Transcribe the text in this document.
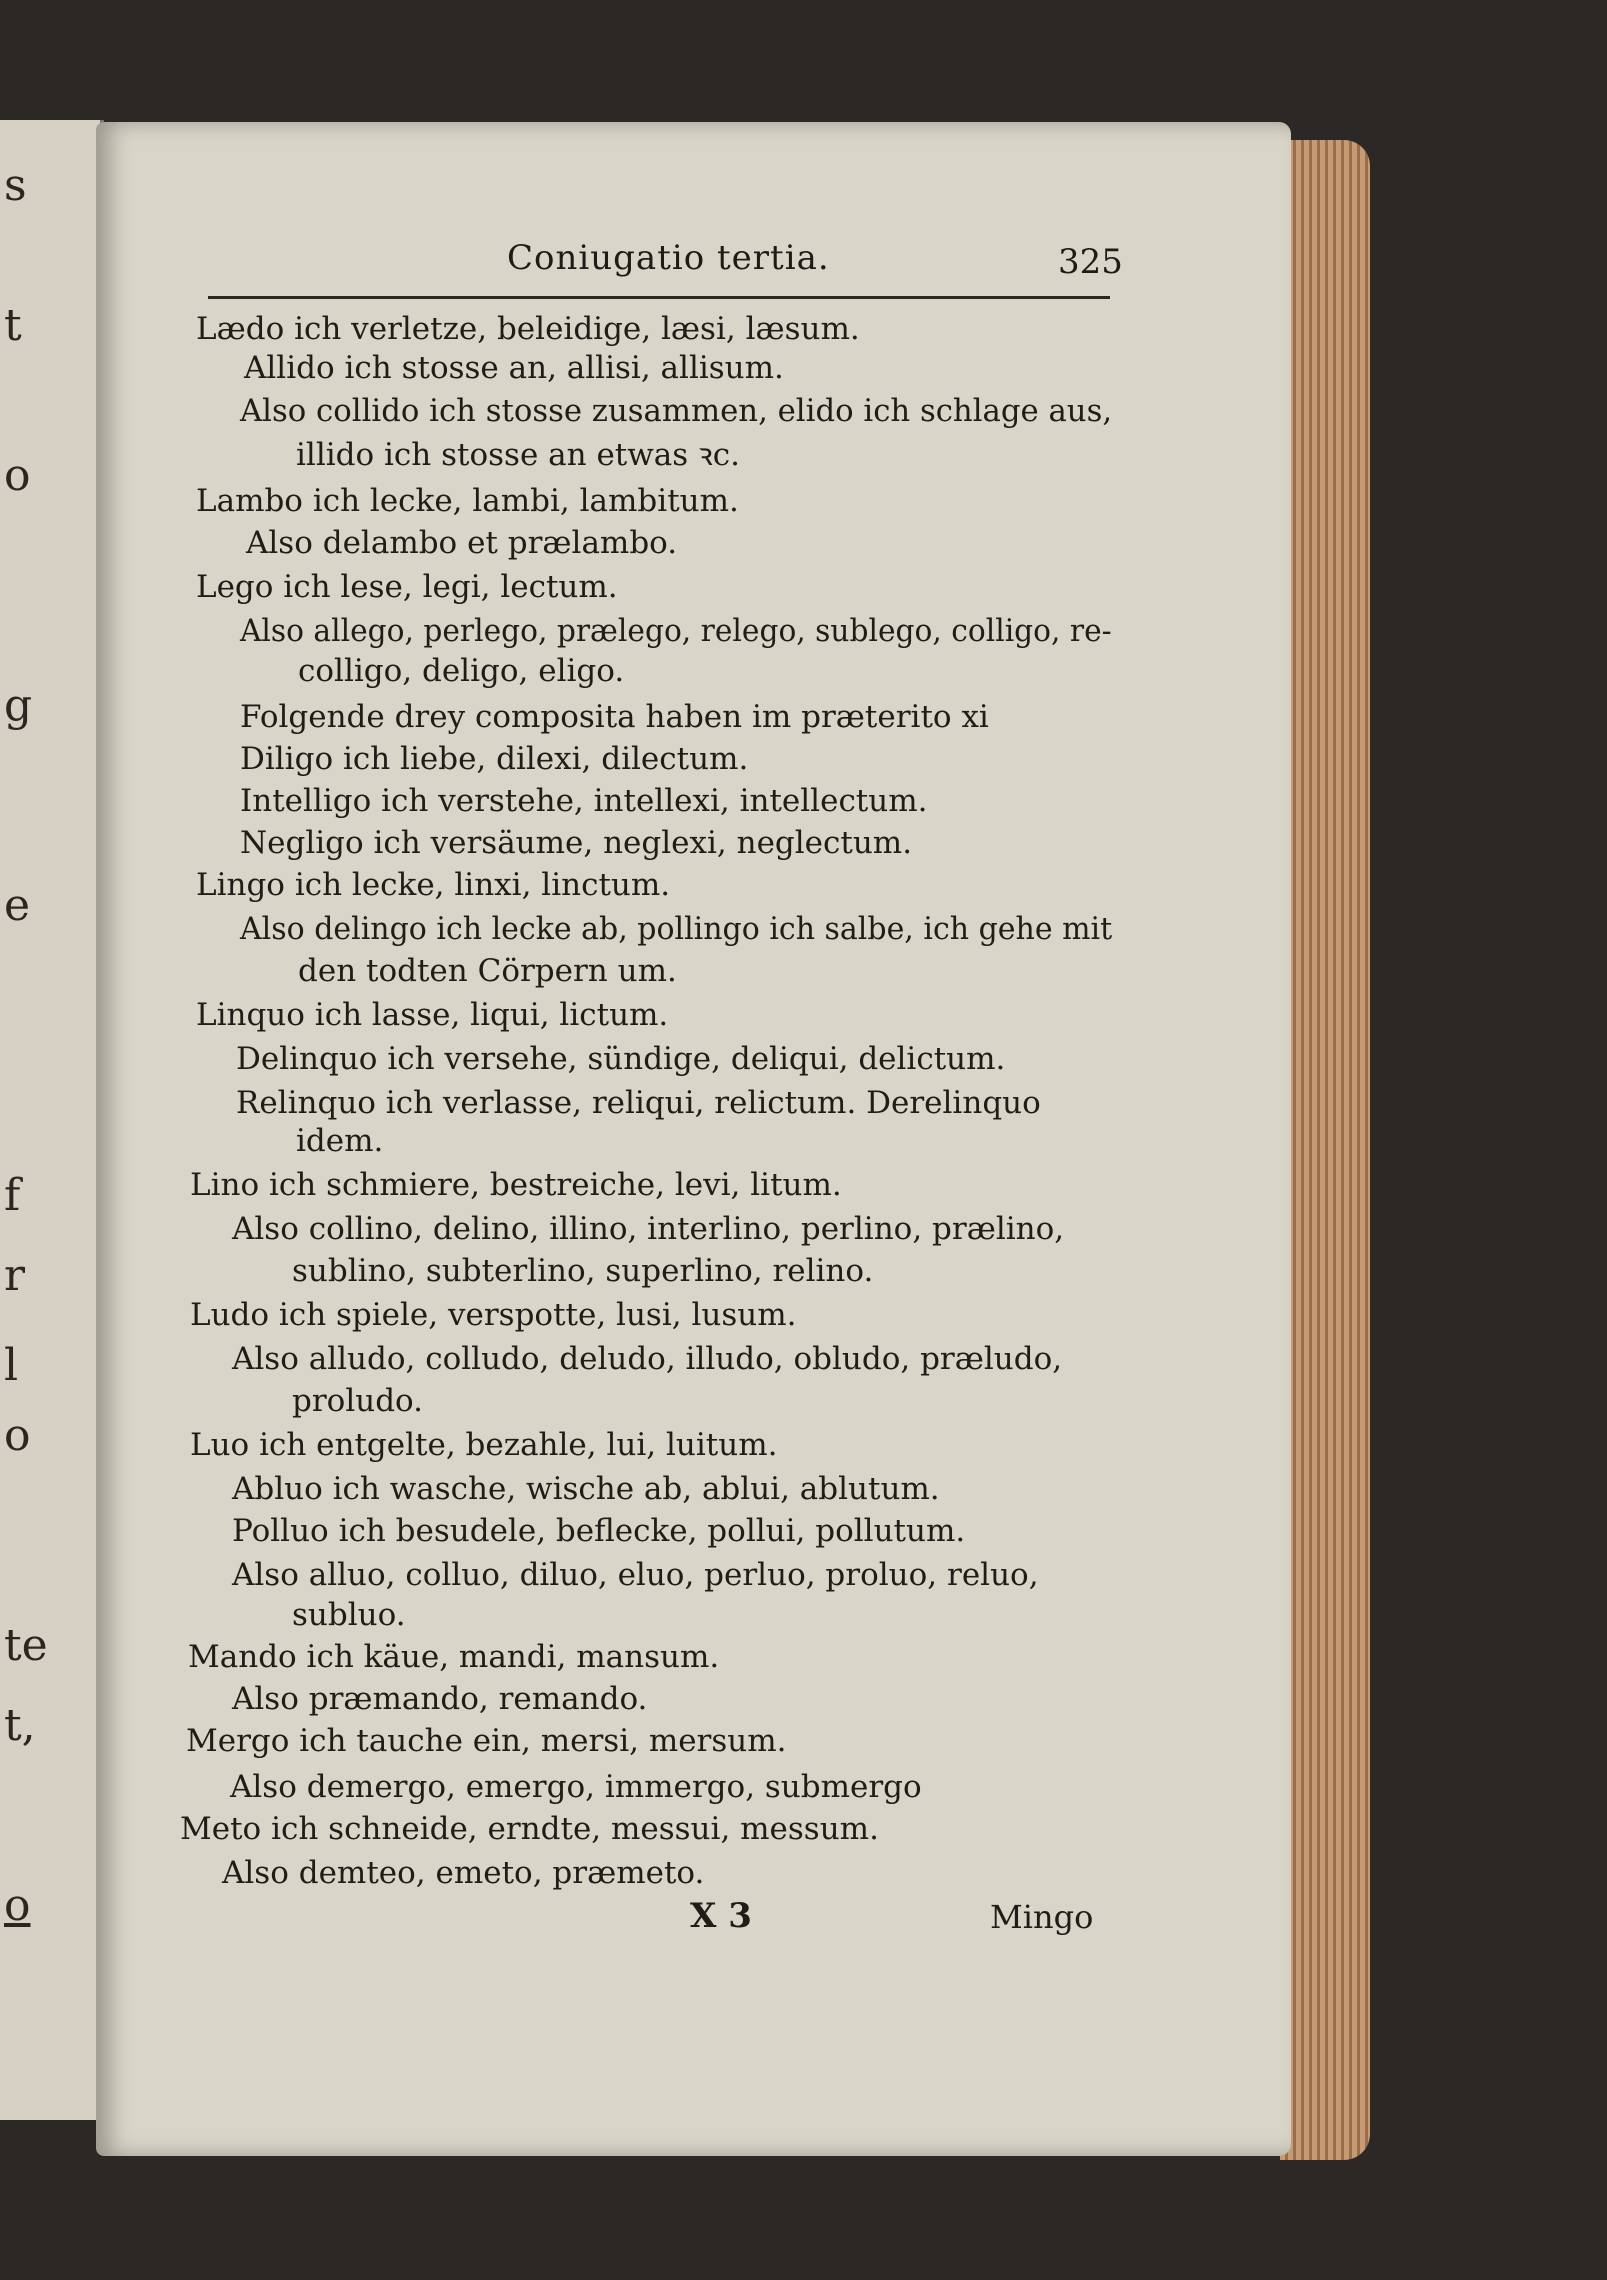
s
t
o
g
e
f
r
l
o
te
t,
o
Coniugatio tertia.	325
Lædo ich verletze, beleidige, læsi, læsum.
Allido ich stosse an, allisi, allisum.
Also collido ich stosse zusammen, elido ich schlage aus,
illido ich stosse an etwas ꝛc.
Lambo ich lecke, lambi, lambitum.
Also delambo et prælambo.
Lego ich lese, legi, lectum.
Also allego, perlego, prælego, relego, sublego, colligo, re-
colligo, deligo, eligo.
Folgende drey composita haben im præterito xi
Diligo ich liebe, dilexi, dilectum.
Intelligo ich verstehe, intellexi, intellectum.
Negligo ich versäume, neglexi, neglectum.
Lingo ich lecke, linxi, linctum.
Also delingo ich lecke ab, pollingo ich salbe, ich gehe mit
den todten Cörpern um.
Linquo ich lasse, liqui, lictum.
Delinquo ich versehe, sündige, deliqui, delictum.
Relinquo ich verlasse, reliqui, relictum. Derelinquo
idem.
Lino ich schmiere, bestreiche, levi, litum.
Also collino, delino, illino, interlino, perlino, prælino,
sublino, subterlino, superlino, relino.
Ludo ich spiele, verspotte, lusi, lusum.
Also alludo, colludo, deludo, illudo, obludo, præludo,
proludo.
Luo ich entgelte, bezahle, lui, luitum.
Abluo ich wasche, wische ab, ablui, ablutum.
Polluo ich besudele, beflecke, pollui, pollutum.
Also alluo, colluo, diluo, eluo, perluo, proluo, reluo,
subluo.
Mando ich käue, mandi, mansum.
Also præmando, remando.
Mergo ich tauche ein, mersi, mersum.
Also demergo, emergo, immergo, submergo
Meto ich schneide, erndte, messui, messum.
Also demteo, emeto, præmeto.
X 3	Mingo
